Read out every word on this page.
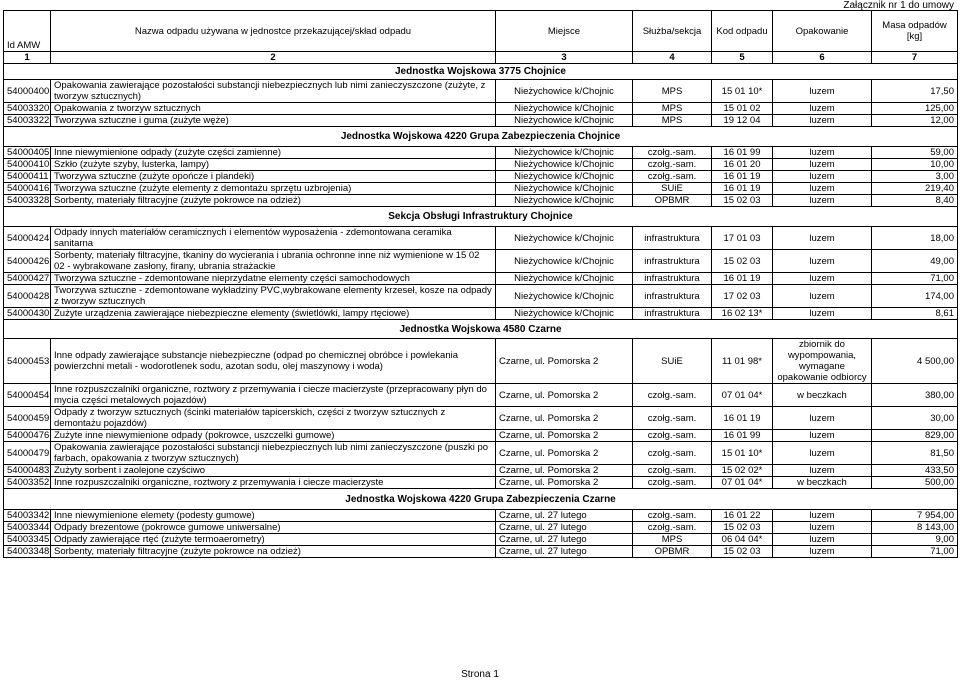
Załącznik nr 1 do umowy
Id AMW	Nazwa odpadu używana w jednostce przekazującej/skład odpadu	Miejsce	Służba/sekcja	Kod odpadu	Opakowanie	Masa odpadów [kg]
1	2	3	4	5	6	7
Jednostka Wojskowa 3775 Chojnice						
54000400	Opakowania zawierające pozostałości substancji niebezpiecznych lub nimi zanieczyszczone (zużyte, z tworzyw sztucznych)	Nieżychowice k/Chojnic	MPS	15 01 10*	luzem	17,50
54003320	Opakowania z tworzyw sztucznych	Nieżychowice k/Chojnic	MPS	15 01 02	luzem	125,00
54003322	Tworzywa sztuczne i guma (zużyte węże)	Nieżychowice k/Chojnic	MPS	19 12 04	luzem	12,00
Jednostka Wojskowa 4220 Grupa Zabezpieczenia Chojnice						
54000405	Inne niewymienione odpady (zużyte części zamienne)	Nieżychowice k/Chojnic	czołg.-sam.	16 01 99	luzem	59,00
54000410	Szkło (zużyte szyby, lusterka, lampy)	Nieżychowice k/Chojnic	czołg.-sam.	16 01 20	luzem	10,00
54000411	Tworzywa sztuczne (zużyte opończe i plandeki)	Nieżychowice k/Chojnic	czołg.-sam.	16 01 19	luzem	3,00
54000416	Tworzywa sztuczne (zużyte elementy z demontażu sprzętu uzbrojenia)	Nieżychowice k/Chojnic	SUiE	16 01 19	luzem	219,40
54003328	Sorbenty, materiały filtracyjne (zużyte pokrowce na odzież)	Nieżychowice k/Chojnic	OPBMR	15 02 03	luzem	8,40
Sekcja Obsługi Infrastruktury Chojnice						
54000424	Odpady innych materiałów ceramicznych i elementów wyposażenia - zdemontowana ceramika sanitarna	Nieżychowice k/Chojnic	infrastruktura	17 01 03	luzem	18,00
54000426	Sorbenty, materiały filtracyjne, tkaniny do wycierania i ubrania ochronne inne niż wymienione w 15 02 02 - wybrakowane zasłony, firany, ubrania strażackie	Nieżychowice k/Chojnic	infrastruktura	15 02 03	luzem	49,00
54000427	Tworzywa sztuczne - zdemontowane nieprzydatne elementy części samochodowych	Nieżychowice k/Chojnic	infrastruktura	16 01 19	luzem	71,00
54000428	Tworzywa sztuczne - zdemontowane wykładziny PVC,wybrakowane elementy krzeseł, kosze na odpady z tworzyw sztucznych	Nieżychowice k/Chojnic	infrastruktura	17 02 03	luzem	174,00
54000430	Zużyte urządzenia zawierające niebezpieczne elementy (świetlówki, lampy rtęciowe)	Nieżychowice k/Chojnic	infrastruktura	16 02 13*	luzem	8,61
Jednostka Wojskowa 4580 Czarne						
54000453	Inne odpady zawierające substancje niebezpieczne (odpad po chemicznej obróbce i powlekania powierzchni metali - wodorotlenek sodu, azotan sodu, olej maszynowy i woda)	Czarne, ul. Pomorska 2	SUiE	11 01 98*	zbiornik do wypompowania, wymagane opakowanie odbiorcy	4 500,00
54000454	Inne rozpuszczalniki organiczne, roztwory z przemywania i ciecze macierzyste (przepracowany płyn do mycia części metalowych pojazdów)	Czarne, ul. Pomorska 2	czołg.-sam.	07 01 04*	w beczkach	380,00
54000459	Odpady z tworzyw sztucznych (ścinki materiałów tapicerskich, części z tworzyw sztucznych z demontażu pojazdów)	Czarne, ul. Pomorska 2	czołg.-sam.	16 01 19	luzem	30,00
54000476	Zużyte inne niewymienione odpady (pokrowce, uszczelki gumowe)	Czarne, ul. Pomorska 2	czołg.-sam.	16 01 99	luzem	829,00
54000479	Opakowania zawierające pozostałości substancji niebezpiecznych lub nimi zanieczyszczone (puszki po farbach, opakowania z tworzyw sztucznych)	Czarne, ul. Pomorska 2	czołg.-sam.	15 01 10*	luzem	81,50
54000483	Zużyty sorbent i zaolejone czyściwo	Czarne, ul. Pomorska 2	czołg.-sam.	15 02 02*	luzem	433,50
54003352	Inne rozpuszczalniki organiczne, roztwory z przemywania i ciecze macierzyste	Czarne, ul. Pomorska 2	czołg.-sam.	07 01 04*	w beczkach	500,00
Jednostka Wojskowa 4220 Grupa Zabezpieczenia Czarne						
54003342	Inne niewymienione elemety (podesty gumowe)	Czarne, ul. 27 lutego	czołg.-sam.	16 01 22	luzem	7 954,00
54003344	Odpady brezentowe (pokrowce gumowe uniwersalne)	Czarne, ul. 27 lutego	czołg.-sam.	15 02 03	luzem	8 143,00
54003345	Odpady zawierające rtęć (zużyte termoaerometry)	Czarne, ul. 27 lutego	MPS	06 04 04*	luzem	9,00
54003348	Sorbenty, materiały filtracyjne (zużyte pokrowce na odzież)	Czarne, ul. 27 lutego	OPBMR	15 02 03	luzem	71,00
Strona 1
